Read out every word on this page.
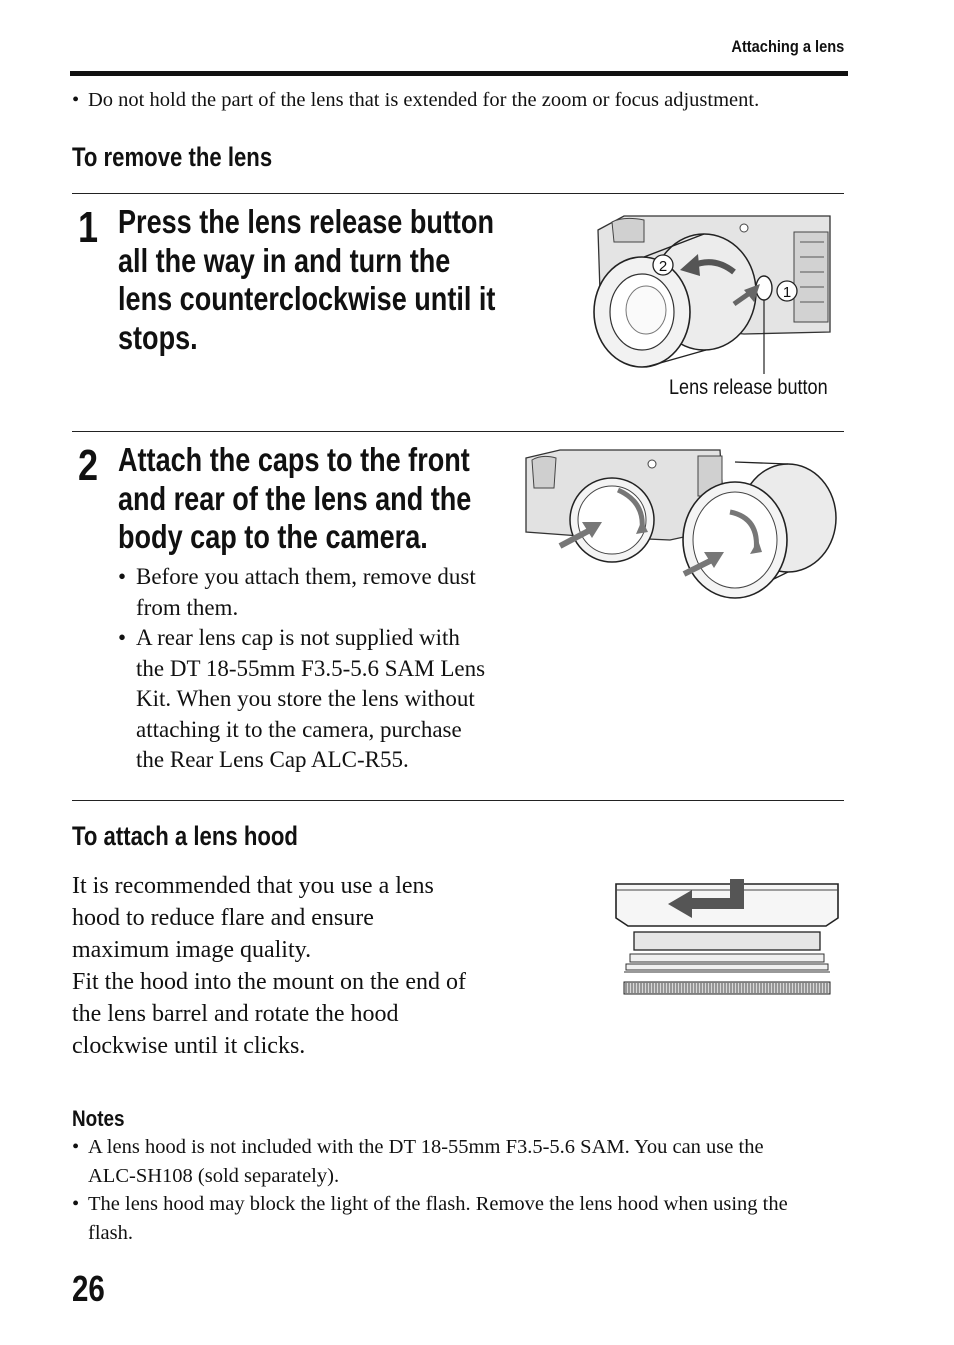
Attaching a lens
• Do not hold the part of the lens that is extended for the zoom or focus adjustment.
To remove the lens
1 Press the lens release button
all the way in and turn the
lens counterclockwise until it
stops.
2
1
Lens release button
2 Attach the caps to the front
and rear of the lens and the
body cap to the camera.
• Before you attach them, remove dust
from them.
• A rear lens cap is not supplied with
the DT 18-55mm F3.5-5.6 SAM Lens
Kit. When you store the lens without
attaching it to the camera, purchase
the Rear Lens Cap ALC-R55.
To attach a lens hood
It is recommended that you use a lens
hood to reduce flare and ensure
maximum image quality.
Fit the hood into the mount on the end of
the lens barrel and rotate the hood
clockwise until it clicks.
Notes
• A lens hood is not included with the DT 18-55mm F3.5-5.6 SAM. You can use the
ALC-SH108 (sold separately).
• The lens hood may block the light of the flash. Remove the lens hood when using the
flash.
26
